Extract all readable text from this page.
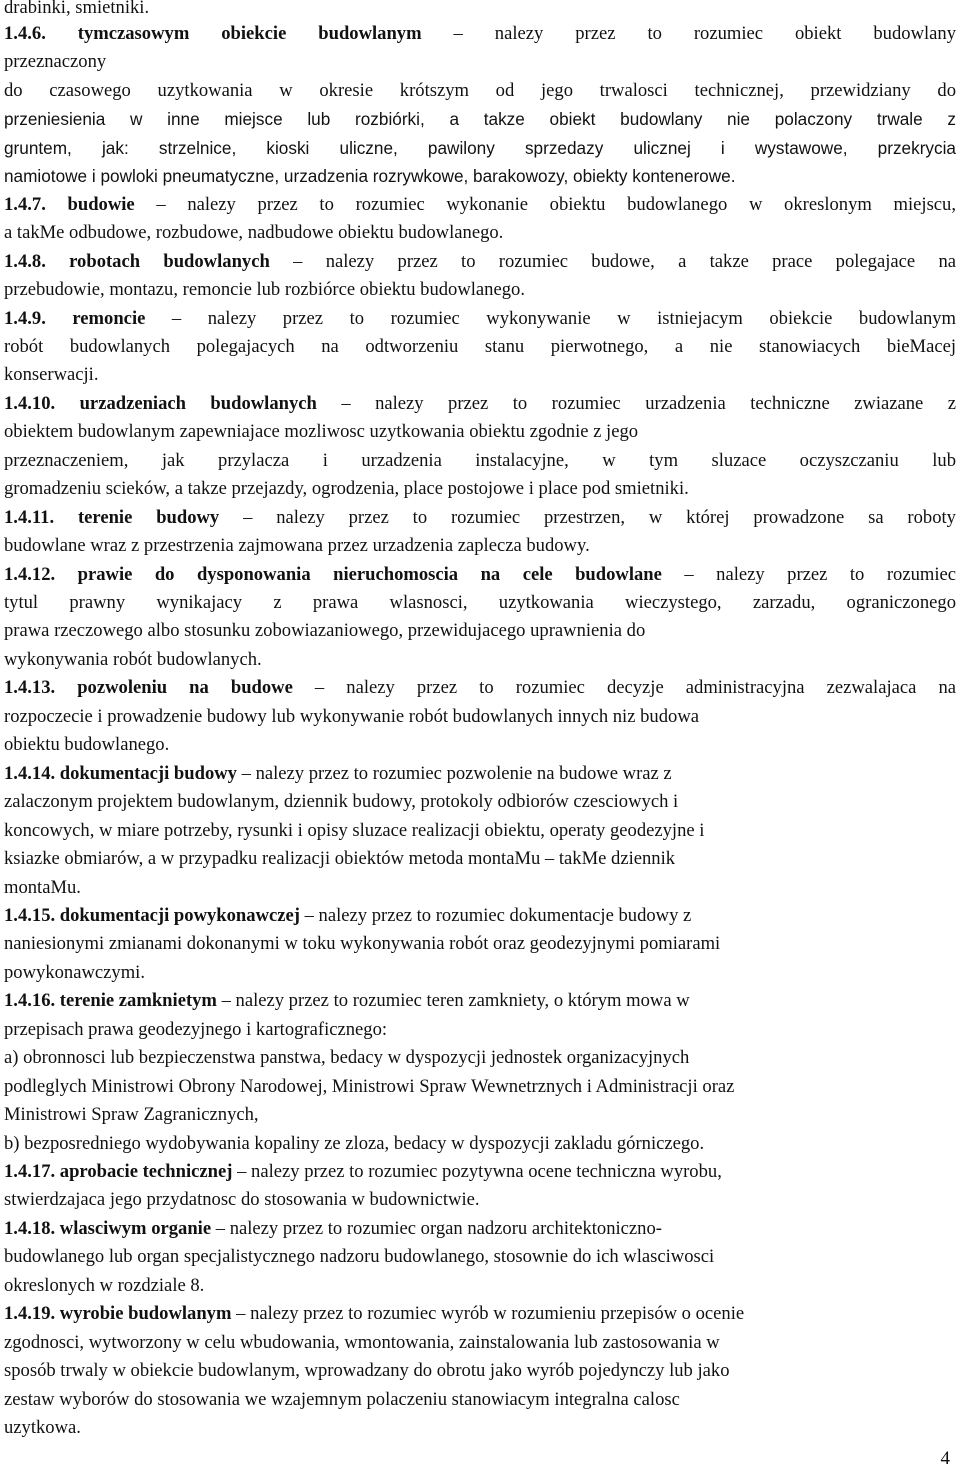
drabinki, smietniki.
1.4.6. tymczasowym obiekcie budowlanym – nalezy przez to rozumiec obiekt budowlany
przeznaczony
do czasowego uzytkowania w okresie krótszym od jego trwalosci technicznej, przewidziany do
przeniesienia w inne miejsce lub rozbiórki, a takze obiekt budowlany nie polaczony trwale z
gruntem, jak: strzelnice, kioski uliczne, pawilony sprzedazy ulicznej i wystawowe, przekrycia
namiotowe i powloki pneumatyczne, urzadzenia rozrywkowe, barakowozy, obiekty kontenerowe.
1.4.7. budowie – nalezy przez to rozumiec wykonanie obiektu budowlanego w okreslonym miejscu,
a takMe odbudowe, rozbudowe, nadbudowe obiektu budowlanego.
1.4.8. robotach budowlanych – nalezy przez to rozumiec budowe, a takze prace polegajace na
przebudowie, montazu, remoncie lub rozbiórce obiektu budowlanego.
1.4.9. remoncie – nalezy przez to rozumiec wykonywanie w istniejacym obiekcie budowlanym
robót budowlanych polegajacych na odtworzeniu stanu pierwotnego, a nie stanowiacych bieMacej
konserwacji.
1.4.10. urzadzeniach budowlanych – nalezy przez to rozumiec urzadzenia techniczne zwiazane z
obiektem budowlanym zapewniajace mozliwosc uzytkowania obiektu zgodnie z jego
przeznaczeniem, jak przylacza i urzadzenia instalacyjne, w tym sluzace oczyszczaniu lub
gromadzeniu scieków, a takze przejazdy, ogrodzenia, place postojowe i place pod smietniki.
1.4.11. terenie budowy – nalezy przez to rozumiec przestrzen, w której prowadzone sa roboty
budowlane wraz z przestrzenia zajmowana przez urzadzenia zaplecza budowy.
1.4.12. prawie do dysponowania nieruchomoscia na cele budowlane – nalezy przez to rozumiec
tytul prawny wynikajacy z prawa wlasnosci, uzytkowania wieczystego, zarzadu, ograniczonego
prawa rzeczowego albo stosunku zobowiazaniowego, przewidujacego uprawnienia do
wykonywania robót budowlanych.
1.4.13. pozwoleniu na budowe – nalezy przez to rozumiec decyzje administracyjna zezwalajaca na
rozpoczecie i prowadzenie budowy lub wykonywanie robót budowlanych innych niz budowa
obiektu budowlanego.
1.4.14. dokumentacji budowy – nalezy przez to rozumiec pozwolenie na budowe wraz z
zalaczonym projektem budowlanym, dziennik budowy, protokoly odbiorów czesciowych i
koncowych, w miare potrzeby, rysunki i opisy sluzace realizacji obiektu, operaty geodezyjne i
ksiazke obmiarów, a w przypadku realizacji obiektów metoda montaMu – takMe dziennik
montaMu.
1.4.15. dokumentacji powykonawczej – nalezy przez to rozumiec dokumentacje budowy z
naniesionymi zmianami dokonanymi w toku wykonywania robót oraz geodezyjnymi pomiarami
powykonawczymi.
1.4.16. terenie zamknietym – nalezy przez to rozumiec teren zamkniety, o którym mowa w
przepisach prawa geodezyjnego i kartograficznego:
a) obronnosci lub bezpieczenstwa panstwa, bedacy w dyspozycji jednostek organizacyjnych
podleglych Ministrowi Obrony Narodowej, Ministrowi Spraw Wewnetrznych i Administracji oraz
Ministrowi Spraw Zagranicznych,
b) bezposredniego wydobywania kopaliny ze zloza, bedacy w dyspozycji zakladu górniczego.
1.4.17. aprobacie technicznej – nalezy przez to rozumiec pozytywna ocene techniczna wyrobu,
stwierdzajaca jego przydatnosc do stosowania w budownictwie.
1.4.18. wlasciwym organie – nalezy przez to rozumiec organ nadzoru architektoniczno-
budowlanego lub organ specjalistycznego nadzoru budowlanego, stosownie do ich wlasciwosci
okreslonych w rozdziale 8.
1.4.19. wyrobie budowlanym – nalezy przez to rozumiec wyrób w rozumieniu przepisów o ocenie
zgodnosci, wytworzony w celu wbudowania, wmontowania, zainstalowania lub zastosowania w
sposób trwaly w obiekcie budowlanym, wprowadzany do obrotu jako wyrób pojedynczy lub jako
zestaw wyborów do stosowania we wzajemnym polaczeniu stanowiacym integralna calosc
uzytkowa.
4
